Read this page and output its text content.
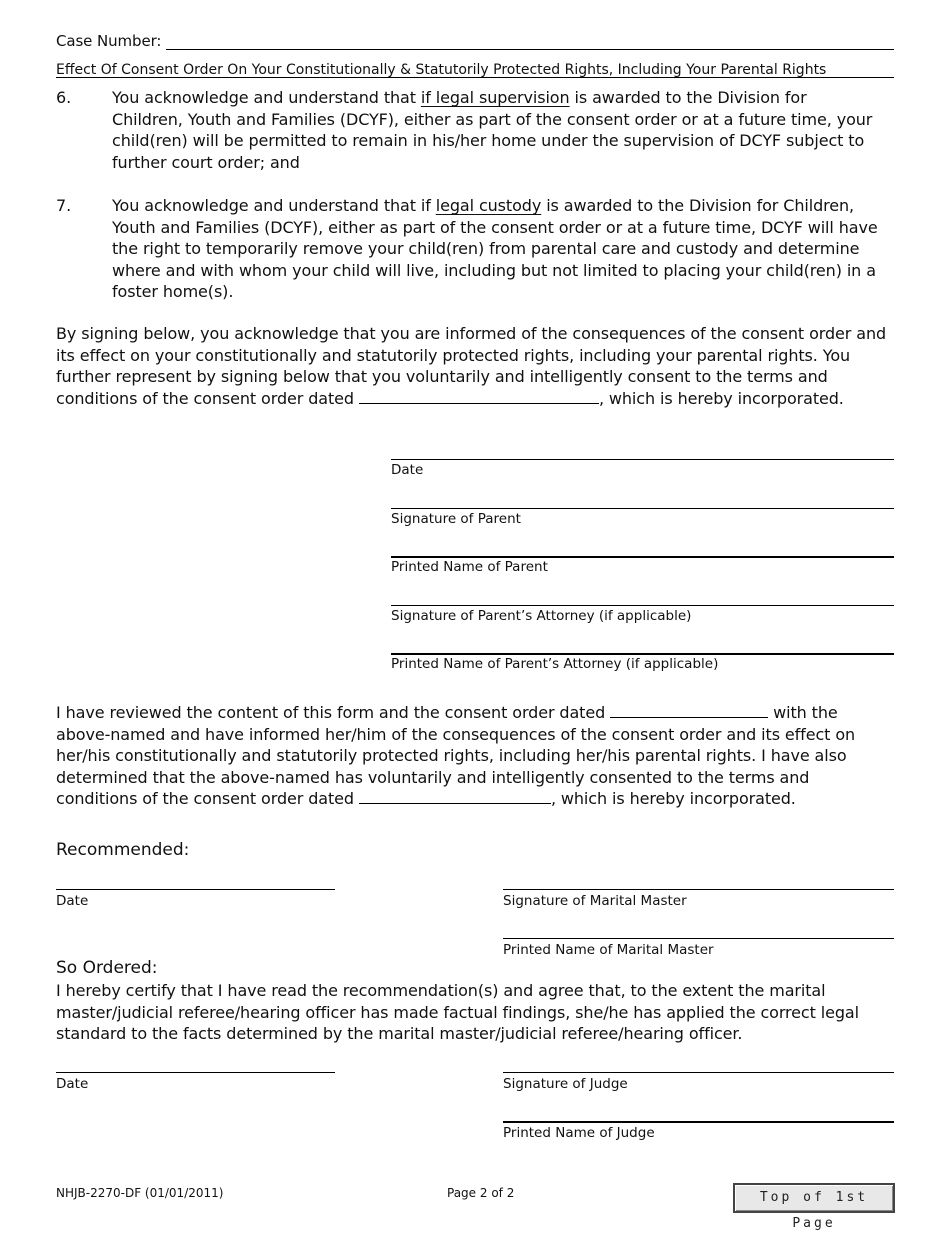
Case Number:
Effect Of Consent Order On Your Constitutionally & Statutorily Protected Rights, Including Your Parental Rights
6.	You acknowledge and understand that if legal supervision is awarded to the Division for Children, Youth and Families (DCYF), either as part of the consent order or at a future time, your child(ren) will be permitted to remain in his/her home under the supervision of DCYF subject to further court order; and
7.	You acknowledge and understand that if legal custody is awarded to the Division for Children, Youth and Families (DCYF), either as part of the consent order or at a future time, DCYF will have the right to temporarily remove your child(ren) from parental care and custody and determine where and with whom your child will live, including but not limited to placing your child(ren) in a foster home(s).
By signing below, you acknowledge that you are informed of the consequences of the consent order and its effect on your constitutionally and statutorily protected rights, including your parental rights. You further represent by signing below that you voluntarily and intelligently consent to the terms and conditions of the consent order dated	, which is hereby incorporated.
Date
Signature of Parent
Printed Name of Parent
Signature of Parent’s Attorney (if applicable)
Printed Name of Parent’s Attorney (if applicable)
I have reviewed the content of this form and the consent order dated	with the above-named and have informed her/him of the consequences of the consent order and its effect on her/his constitutionally and statutorily protected rights, including her/his parental rights. I have also determined that the above-named has voluntarily and intelligently consented to the terms and conditions of the consent order dated	, which is hereby incorporated.
Recommended:
Date	Signature of Marital Master
Printed Name of Marital Master
So Ordered:
I hereby certify that I have read the recommendation(s) and agree that, to the extent the marital master/judicial referee/hearing officer has made factual findings, she/he has applied the correct legal standard to the facts determined by the marital master/judicial referee/hearing officer.
Date	Signature of Judge
Printed Name of Judge
NHJB-2270-DF (01/01/2011)	Page 2 of 2	Top of 1st Page
